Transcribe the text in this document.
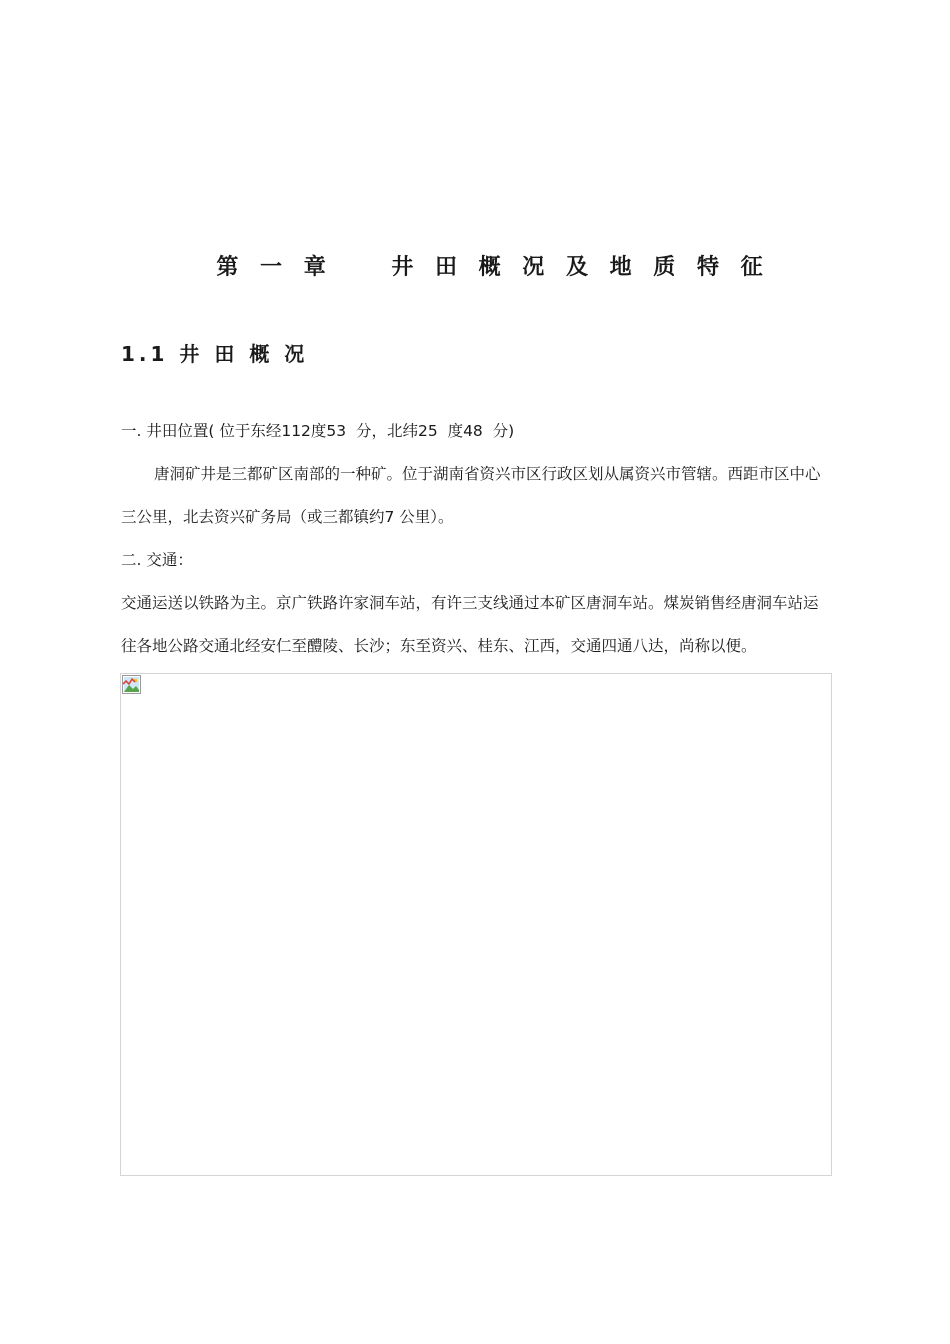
第 一 章    井 田 概 况 及 地 质 特 征
1.1 井 田 概 况

一. 井田位置( 位于东经112度53  分，北纬25  度48  分)

唐洞矿井是三都矿区南部的一种矿。位于湖南省资兴市区行政区划从属资兴市管辖。西距市区中心

三公里，北去资兴矿务局（或三都镇约7 公里）。

二. 交通：

交通运送以铁路为主。京广铁路许家洞车站，有许三支线通过本矿区唐洞车站。煤炭销售经唐洞车站运

往各地公路交通北经安仁至醴陵、长沙；东至资兴、桂东、江西，交通四通八达，尚称以便。
